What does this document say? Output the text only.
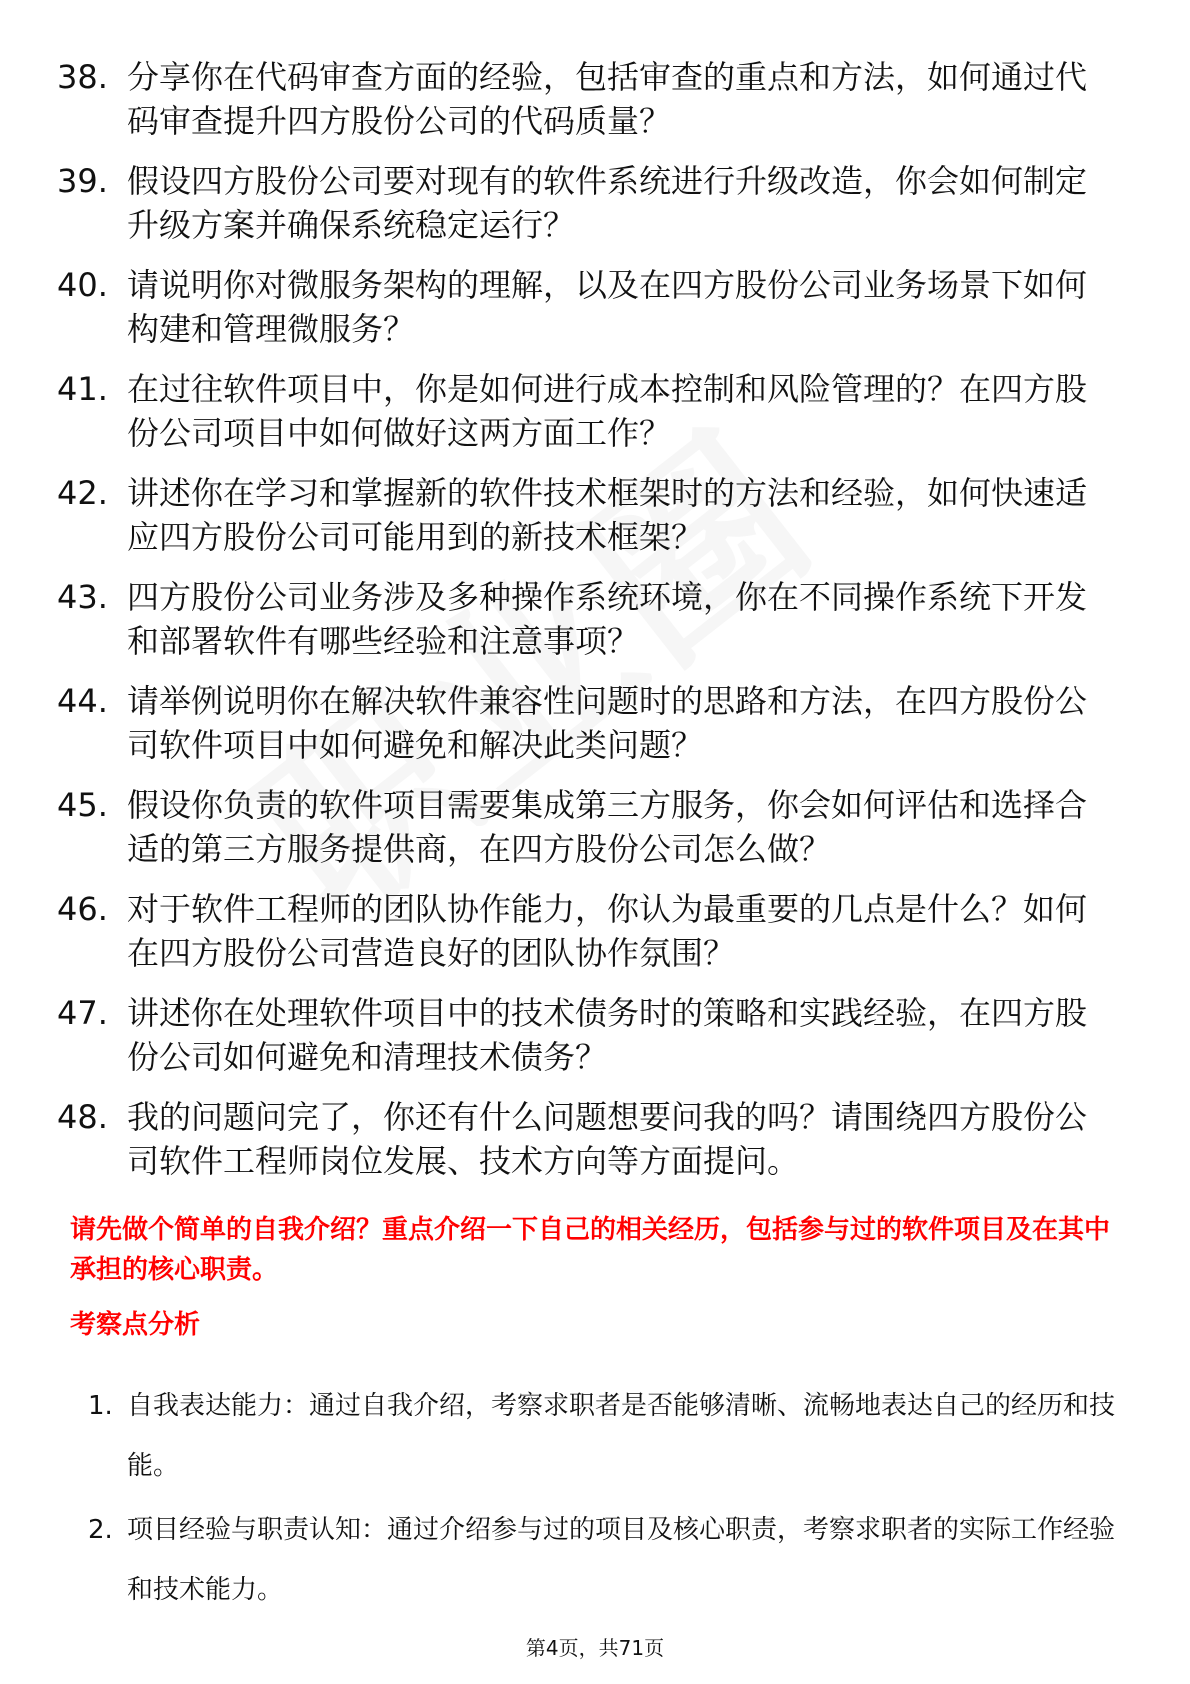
38. 分享你在代码审查方面的经验，包括审查的重点和方法，如何通过代码审查提升四方股份公司的代码质量？
39. 假设四方股份公司要对现有的软件系统进行升级改造，你会如何制定升级方案并确保系统稳定运行？
40. 请说明你对微服务架构的理解，以及在四方股份公司业务场景下如何构建和管理微服务？
41. 在过往软件项目中，你是如何进行成本控制和风险管理的？在四方股份公司项目中如何做好这两方面工作？
42. 讲述你在学习和掌握新的软件技术框架时的方法和经验，如何快速适应四方股份公司可能用到的新技术框架？
43. 四方股份公司业务涉及多种操作系统环境，你在不同操作系统下开发和部署软件有哪些经验和注意事项？
44. 请举例说明你在解决软件兼容性问题时的思路和方法，在四方股份公司软件项目中如何避免和解决此类问题？
45. 假设你负责的软件项目需要集成第三方服务，你会如何评估和选择合适的第三方服务提供商，在四方股份公司怎么做？
46. 对于软件工程师的团队协作能力，你认为最重要的几点是什么？如何在四方股份公司营造良好的团队协作氛围？
47. 讲述你在处理软件项目中的技术债务时的策略和实践经验，在四方股份公司如何避免和清理技术债务？
48. 我的问题问完了，你还有什么问题想要问我的吗？请围绕四方股份公司软件工程师岗位发展、技术方向等方面提问。
请先做个简单的自我介绍？重点介绍一下自己的相关经历，包括参与过的软件项目及在其中承担的核心职责。
考察点分析
1. 自我表达能力：通过自我介绍，考察求职者是否能够清晰、流畅地表达自己的经历和技能。
2. 项目经验与职责认知：通过介绍参与过的项目及核心职责，考察求职者的实际工作经验和技术能力。
第4页，共71页
